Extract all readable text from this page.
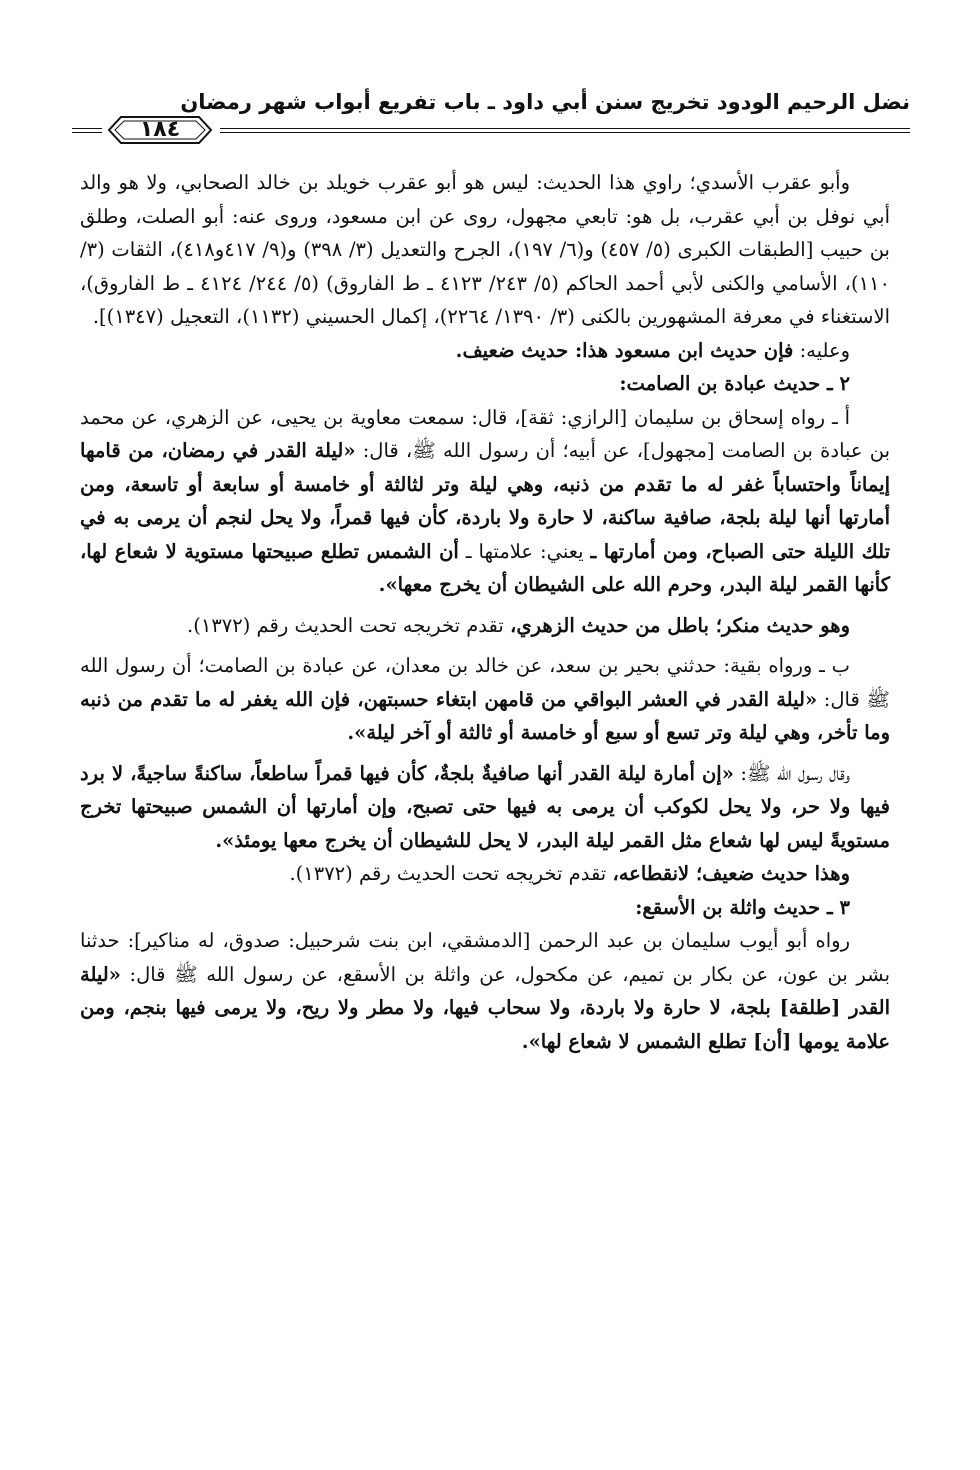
نضل الرحيم الودود تخريج سنن أبي داود ـ باب تفريع أبواب شهر رمضان
١٨٤

وأبو عقرب الأسدي؛ راوي هذا الحديث: ليس هو أبو عقرب خويلد بن خالد الصحابي، ولا هو والد أبي نوفل بن أبي عقرب، بل هو: تابعي مجهول، روى عن ابن مسعود، وروى عنه: أبو الصلت، وطلق بن حبيب [الطبقات الكبرى (٥/ ٤٥٧) و(٦/ ١٩٧)، الجرح والتعديل (٣/ ٣٩٨) و(٩/ ٤١٧و٤١٨)، الثقات (٣/ ١١٠)، الأسامي والكنى لأبي أحمد الحاكم (٥/ ٢٤٣/ ٤١٢٣ ـ ط الفاروق) (٥/ ٢٤٤/ ٤١٢٤ ـ ط الفاروق)، الاستغناء في معرفة المشهورين بالكنى (٣/ ١٣٩٠/ ٢٢٦٤)، إكمال الحسيني (١١٣٢)، التعجيل (١٣٤٧)].

وعليه: فإن حديث ابن مسعود هذا: حديث ضعيف.

٢ ـ حديث عبادة بن الصامت:

أ ـ رواه إسحاق بن سليمان [الرازي: ثقة]، قال: سمعت معاوية بن يحيى، عن الزهري، عن محمد بن عبادة بن الصامت [مجهول]، عن أبيه؛ أن رسول الله ﷺ، قال: «ليلة القدر في رمضان، من قامها إيماناً واحتساباً غفر له ما تقدم من ذنبه، وهي ليلة وتر لثالثة أو خامسة أو سابعة أو تاسعة، ومن أمارتها أنها ليلة بلجة، صافية ساكنة، لا حارة ولا باردة، كأن فيها قمراً، ولا يحل لنجم أن يرمى به في تلك الليلة حتى الصباح، ومن أمارتها ـ يعني: علامتها ـ أن الشمس تطلع صبيحتها مستوية لا شعاع لها، كأنها القمر ليلة البدر، وحرم الله على الشيطان أن يخرج معها».

وهو حديث منكر؛ باطل من حديث الزهري، تقدم تخريجه تحت الحديث رقم (١٣٧٢).

ب ـ ورواه بقية: حدثني بحير بن سعد، عن خالد بن معدان، عن عبادة بن الصامت؛ أن رسول الله ﷺ قال: «ليلة القدر في العشر البواقي من قامهن ابتغاء حسبتهن، فإن الله يغفر له ما تقدم من ذنبه وما تأخر، وهي ليلة وتر تسع أو سبع أو خامسة أو ثالثة أو آخر ليلة».

وقال رسول الله ﷺ: «إن أمارة ليلة القدر أنها صافيةٌ بلجةٌ، كأن فيها قمراً ساطعاً، ساكنةً ساجيةً، لا برد فيها ولا حر، ولا يحل لكوكب أن يرمى به فيها حتى تصبح، وإن أمارتها أن الشمس صبيحتها تخرج مستويةً ليس لها شعاع مثل القمر ليلة البدر، لا يحل للشيطان أن يخرج معها يومئذ».

وهذا حديث ضعيف؛ لانقطاعه، تقدم تخريجه تحت الحديث رقم (١٣٧٢).

٣ ـ حديث واثلة بن الأسقع:

رواه أبو أيوب سليمان بن عبد الرحمن [الدمشقي، ابن بنت شرحبيل: صدوق، له مناكير]: حدثنا بشر بن عون، عن بكار بن تميم، عن مكحول، عن واثلة بن الأسقع، عن رسول الله ﷺ قال: «ليلة القدر [طلقة] بلجة، لا حارة ولا باردة، ولا سحاب فيها، ولا مطر ولا ريح، ولا يرمى فيها بنجم، ومن علامة يومها [أن] تطلع الشمس لا شعاع لها».
